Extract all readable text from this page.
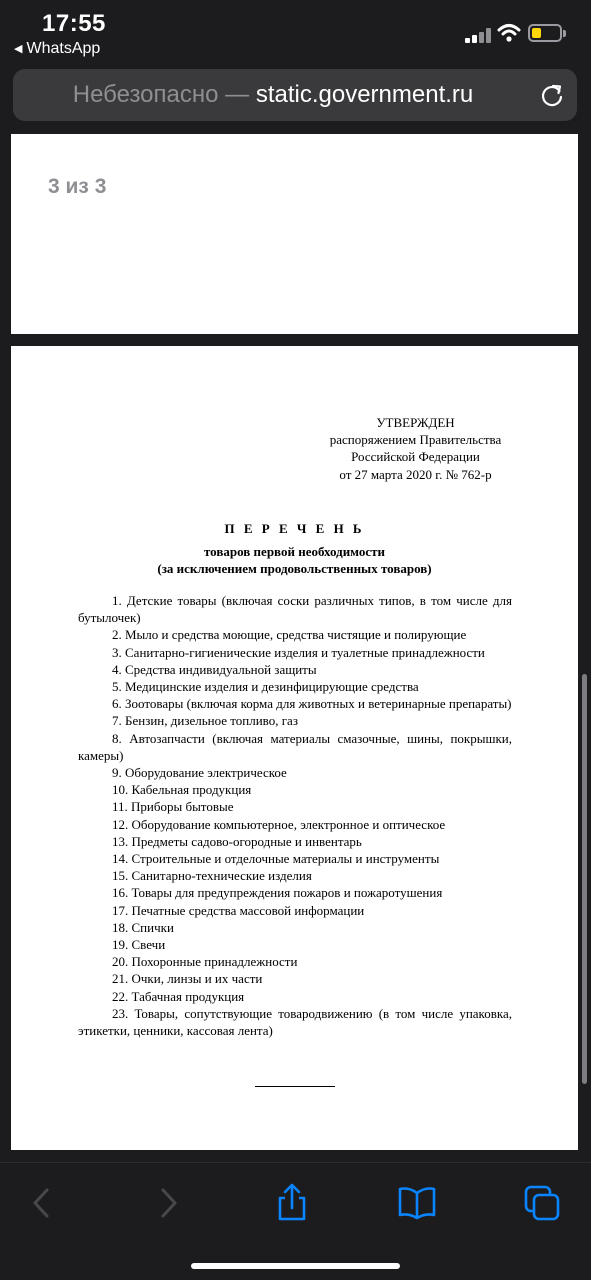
17:55
◀ WhatsApp
Небезопасно — static.government.ru
3 из 3
УТВЕРЖДЕН
распоряжением Правительства
Российской Федерации
от 27 марта 2020 г. № 762-р
П Е Р Е Ч Е Н Ь
товаров первой необходимости
(за исключением продовольственных товаров)

1. Детские товары (включая соски различных типов, в том числе для бутылочек)

2. Мыло и средства моющие, средства чистящие и полирующие

3. Санитарно-гигиенические изделия и туалетные принадлежности

4. Средства индивидуальной защиты

5. Медицинские изделия и дезинфицирующие средства

6. Зоотовары (включая корма для животных и ветеринарные препараты)

7. Бензин, дизельное топливо, газ

8. Автозапчасти (включая материалы смазочные, шины, покрышки, камеры)

9. Оборудование электрическое

10. Кабельная продукция

11. Приборы бытовые

12. Оборудование компьютерное, электронное и оптическое

13. Предметы садово-огородные и инвентарь

14. Строительные и отделочные материалы и инструменты

15. Санитарно-технические изделия

16. Товары для предупреждения пожаров и пожаротушения

17. Печатные средства массовой информации

18. Спички

19. Свечи

20. Похоронные принадлежности

21. Очки, линзы и их части

22. Табачная продукция

23. Товары, сопутствующие товародвижению (в том числе упаковка, этикетки, ценники, кассовая лента)
